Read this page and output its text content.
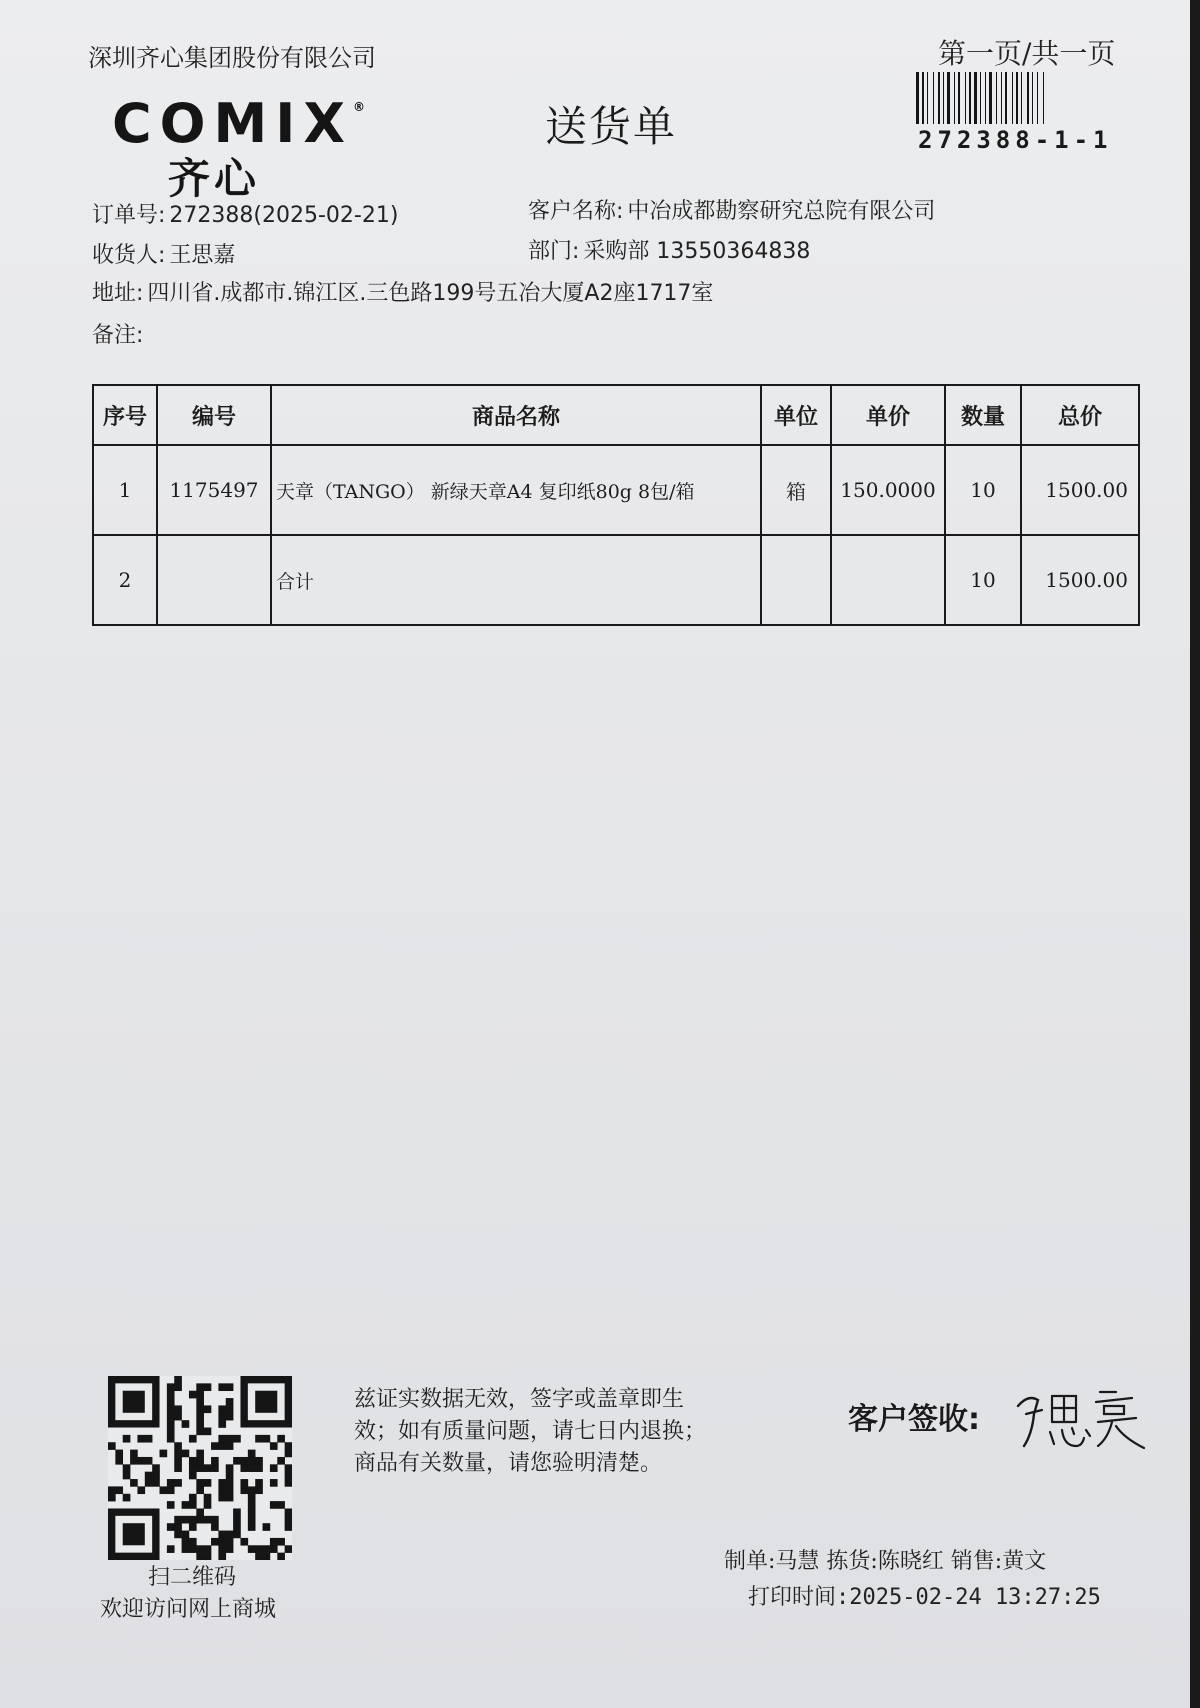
深圳齐心集团股份有限公司	第一页/共一页
COMIX®
齐心
送货单	272388-1-1
订单号: 272388(2025-02-21)	客户名称: 中冶成都勘察研究总院有限公司
收货人: 王思嘉	部门: 采购部 13550364838
地址: 四川省.成都市.锦江区.三色路199号五冶大厦A2座1717室
备注:
序号	编号	商品名称	单位	单价	数量	总价
1	1175497	天章（TANGO） 新绿天章A4 复印纸80g 8包/箱	箱	150.0000	10	1500.00
2		合计			10	1500.00
扫二维码
欢迎访问网上商城
兹证实数据无效，签字或盖章即生
效；如有质量问题，请七日内退换；
商品有关数量，请您验明清楚。
客户签收:
制单:马慧 拣货:陈晓红 销售:黄文
打印时间:2025-02-24 13:27:25
